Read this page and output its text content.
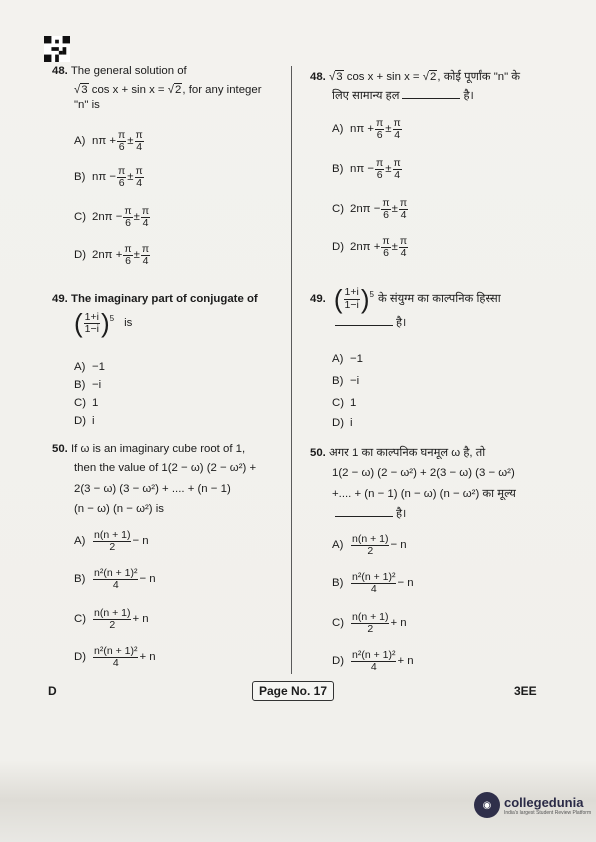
48. The general solution of
√3 cos x + sin x = √2, for any integer
"n" is
A) $n\pi + \frac{\pi}{6} \pm \frac{\pi}{4}$
B) $n\pi - \frac{\pi}{6} \pm \frac{\pi}{4}$
C) $2n\pi - \frac{\pi}{6} \pm \frac{\pi}{4}$
D) $2n\pi + \frac{\pi}{6} \pm \frac{\pi}{4}$
49. The imaginary part of conjugate of
( $\frac{1+i}{1-i}$ ) 5 is
A) −1
B) −i
C) 1
D) i
50. If ω is an imaginary cube root of 1,
then the value of 1(2 − ω) (2 − ω²) +
2(3 − ω) (3 − ω²) + .... + (n − 1)
(n − ω) (n − ω²) is
$A) \frac{n(n + 1)}{2} - n$
$B) \frac{\text{n²(n + 1)²}}{4} - n$
$C) \frac{n(n + 1)}{2} + n$
$D) \frac{\text{n²(n + 1)²}}{4} + n$
48. √3 cos x + sin x = √2, कोई पूर्णांक "n" के
लिए सामान्य हल	है।
A) $n\pi + \frac{\pi}{6} \pm \frac{\pi}{4}$
B) $n\pi - \frac{\pi}{6} \pm \frac{\pi}{4}$
C) $2n\pi - \frac{\pi}{6} \pm \frac{\pi}{4}$
D) $2n\pi + \frac{\pi}{6} \pm \frac{\pi}{4}$
49. ( $\frac{1+i}{1-i}$ ) 5 के संयुग्म का काल्पनिक हिस्सा
है।
A) −1
B) −i
C) 1
D) i
50. अगर 1 का काल्पनिक घनमूल ω है, तो
1(2 − ω) (2 − ω²) + 2(3 − ω) (3 − ω²)
+.... + (n − 1) (n − ω) (n − ω²) का मूल्य
है।
$A) \frac{n(n + 1)}{2} - n$
$B) \frac{\text{n²(n + 1)²}}{4} - n$
$C) \frac{n(n + 1)}{2} + n$
$D) \frac{\text{n²(n + 1)²}}{4} + n$
D	Page No. 17	3EE
◉ collegedunia
India's largest Student Review Platform
